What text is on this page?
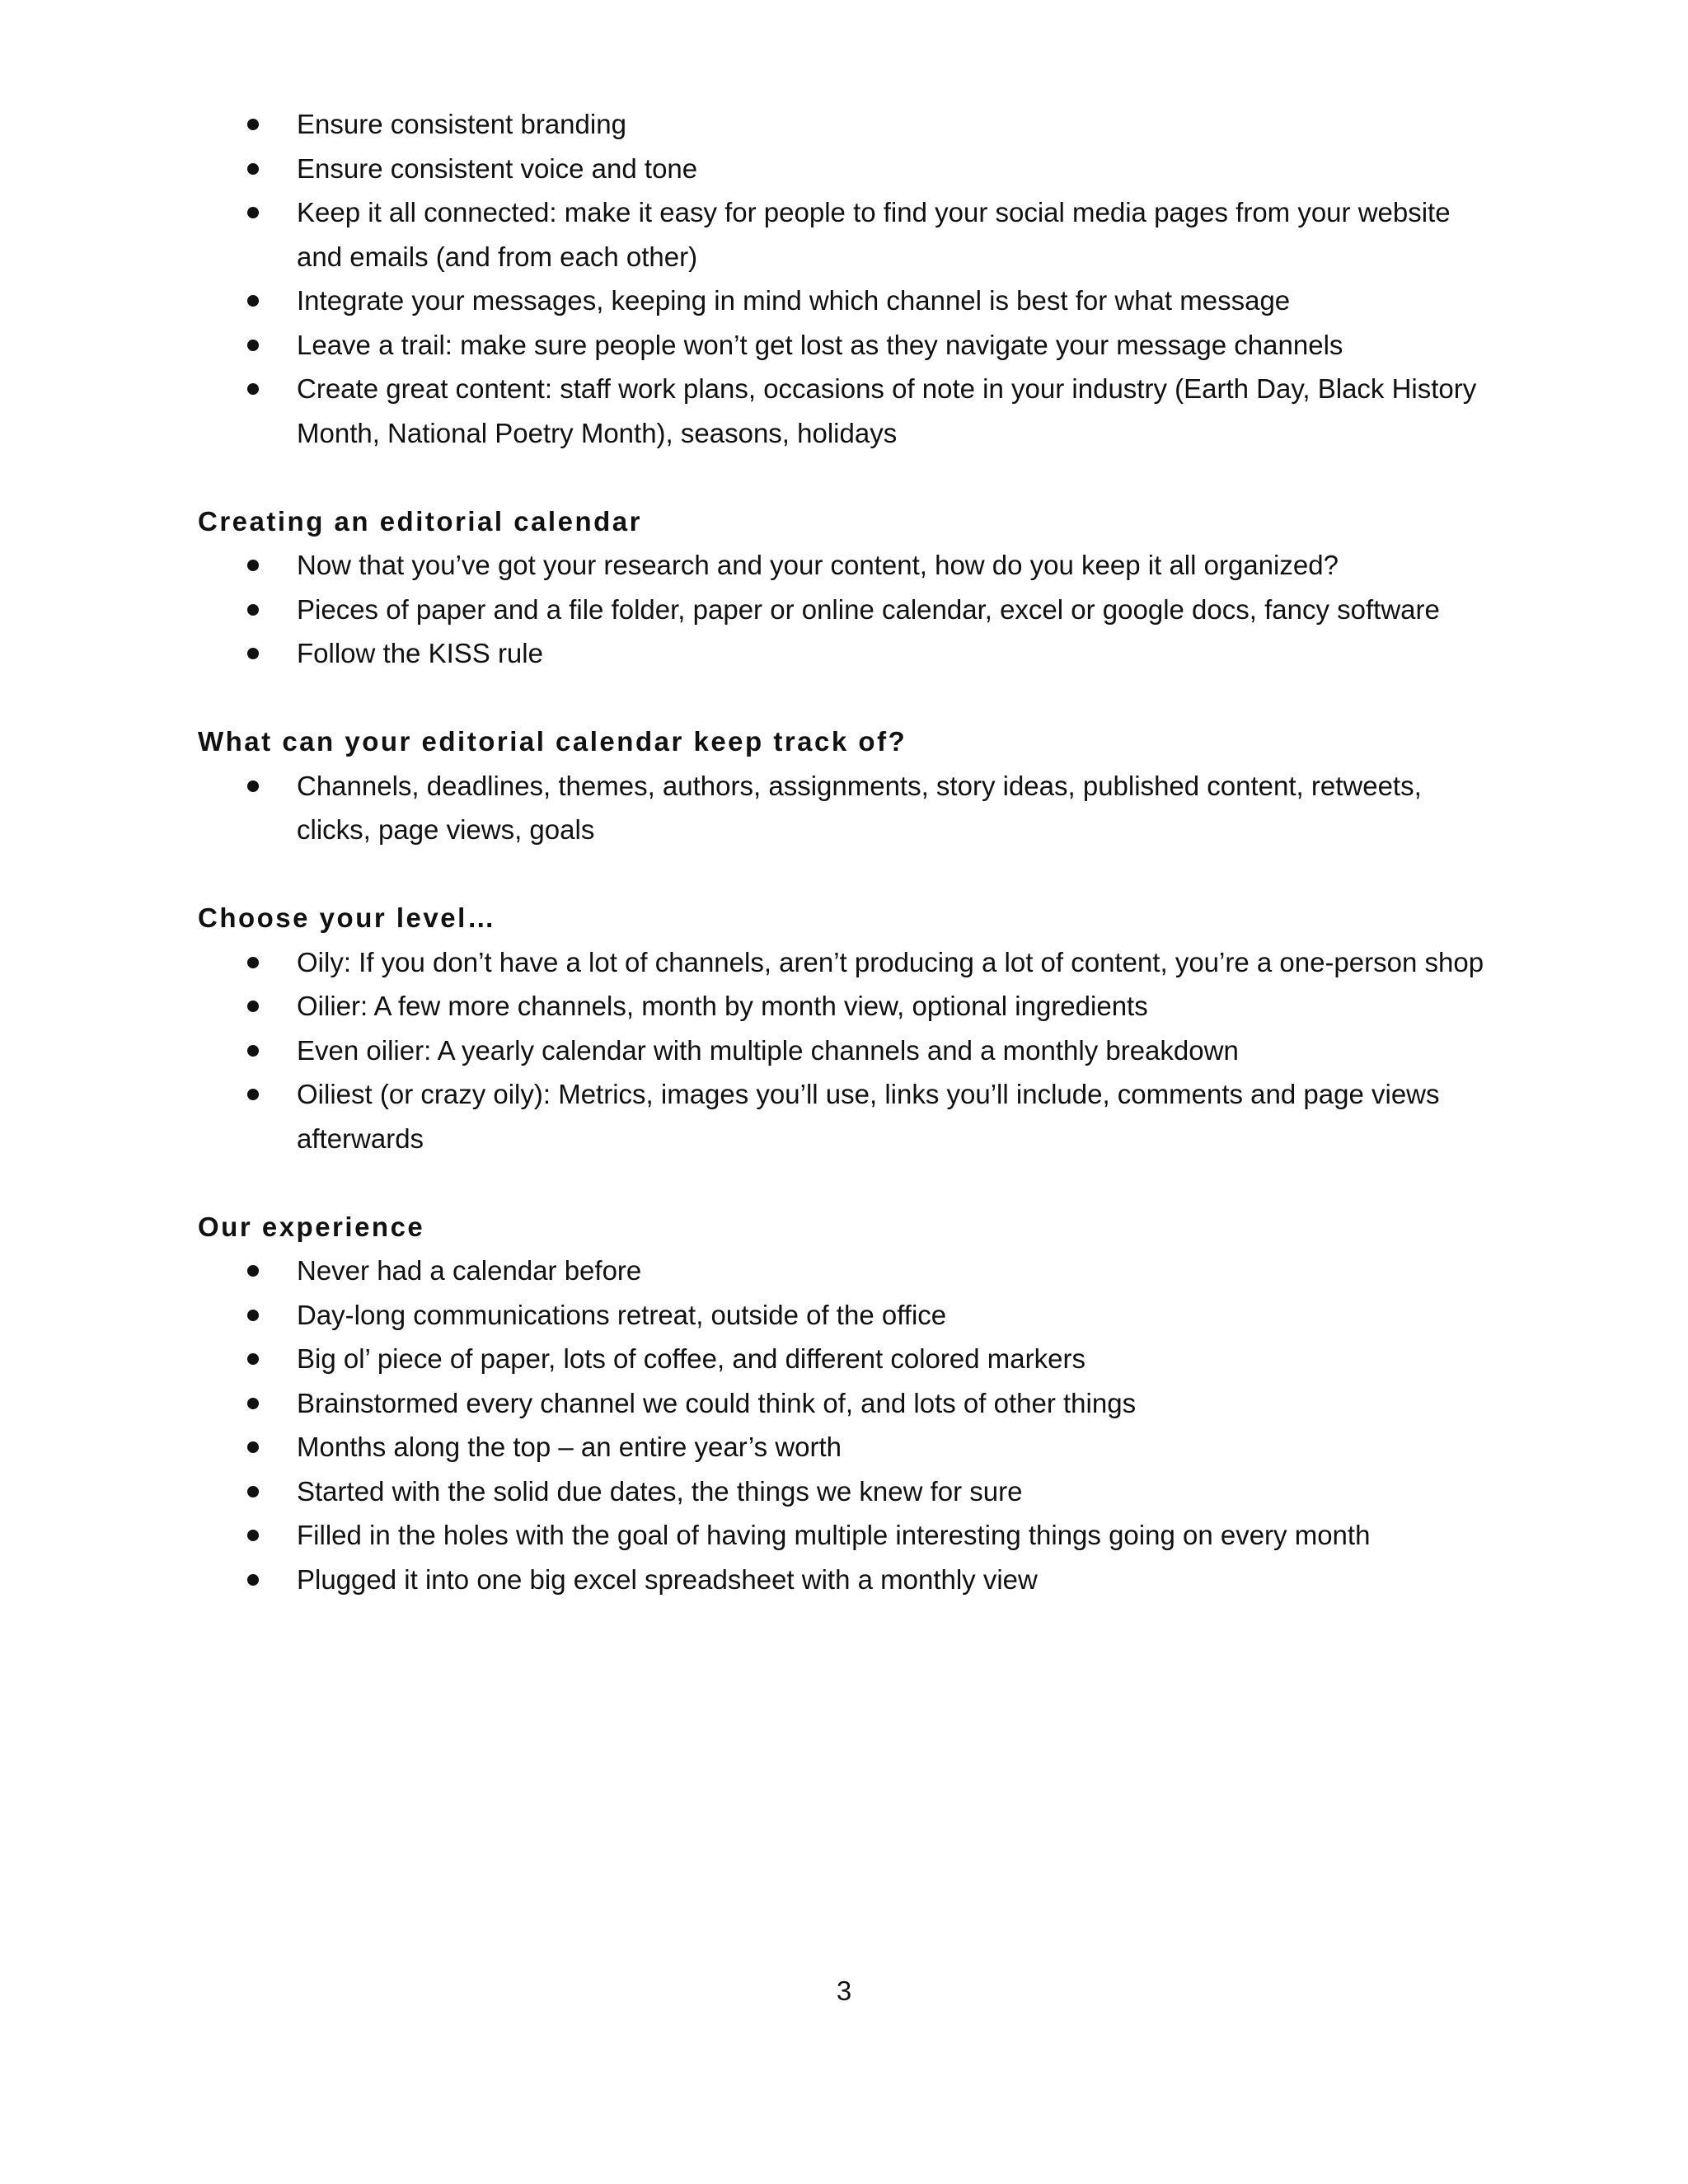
Ensure consistent branding
Ensure consistent voice and tone
Keep it all connected: make it easy for people to find your social media pages from your website and emails (and from each other)
Integrate your messages, keeping in mind which channel is best for what message
Leave a trail: make sure people won’t get lost as they navigate your message channels
Create great content: staff work plans, occasions of note in your industry (Earth Day, Black History Month, National Poetry Month), seasons, holidays
Creating an editorial calendar
Now that you’ve got your research and your content, how do you keep it all organized?
Pieces of paper and a file folder, paper or online calendar, excel or google docs, fancy software
Follow the KISS rule
What can your editorial calendar keep track of?
Channels, deadlines, themes, authors, assignments, story ideas, published content, retweets, clicks, page views, goals
Choose your level…
Oily: If you don’t have a lot of channels, aren’t producing a lot of content, you’re a one-person shop
Oilier: A few more channels, month by month view, optional ingredients
Even oilier: A yearly calendar with multiple channels and a monthly breakdown
Oiliest (or crazy oily): Metrics, images you’ll use, links you’ll include, comments and page views afterwards
Our experience
Never had a calendar before
Day-long communications retreat, outside of the office
Big ol’ piece of paper, lots of coffee, and different colored markers
Brainstormed every channel we could think of, and lots of other things
Months along the top – an entire year’s worth
Started with the solid due dates, the things we knew for sure
Filled in the holes with the goal of having multiple interesting things going on every month
Plugged it into one big excel spreadsheet with a monthly view
3
